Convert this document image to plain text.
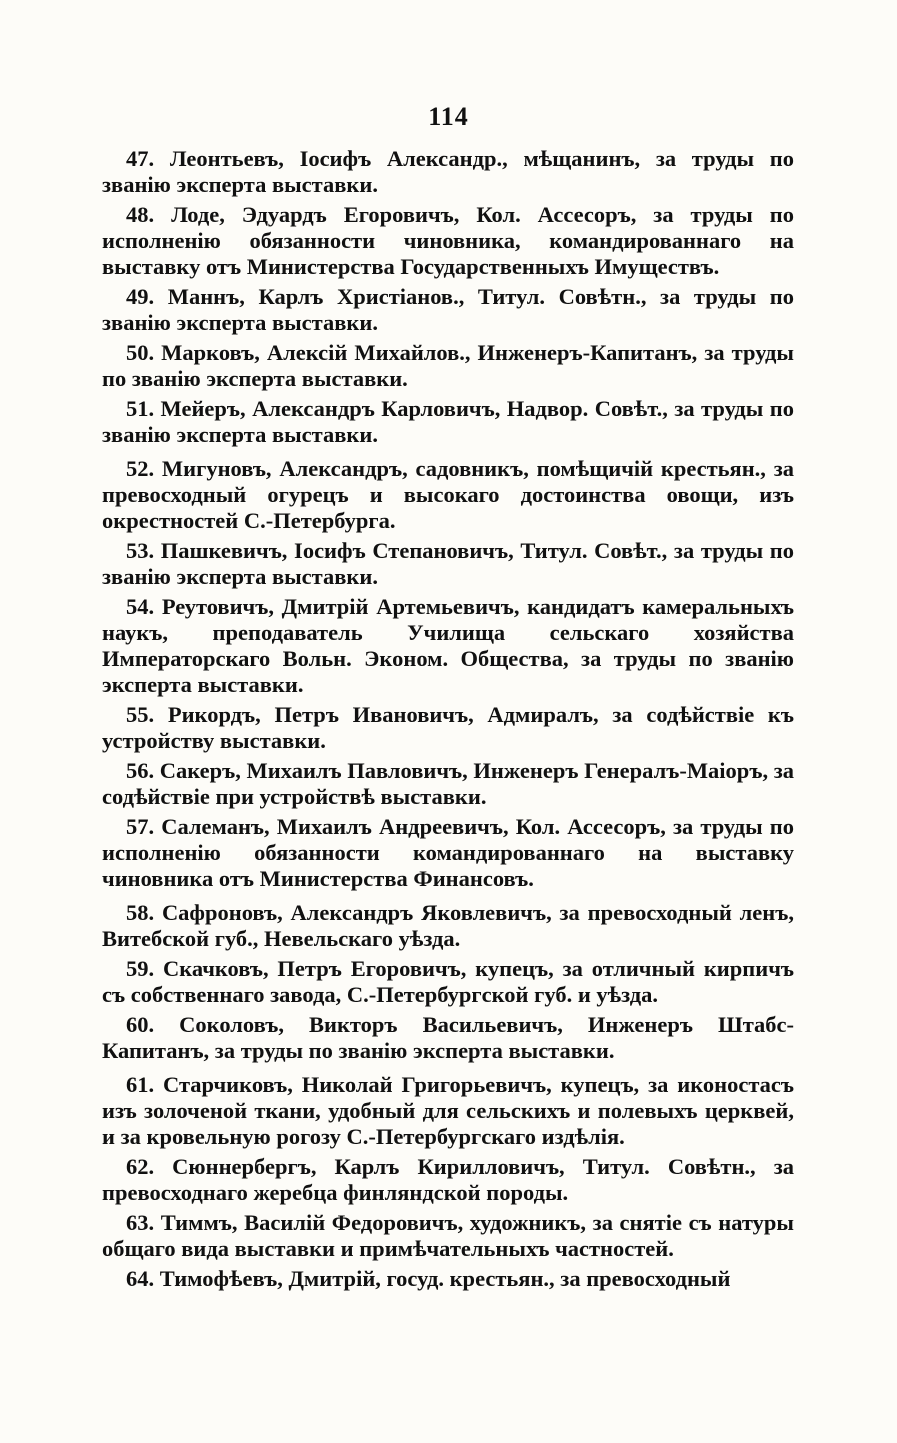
114

47. Леонтьевъ, Іосифъ Александр., мѣщанинъ, за труды по званію эксперта выставки.

48. Лоде, Эдуардъ Егоровичъ, Кол. Ассесоръ, за труды по исполненію обязанности чиновника, командированнаго на выставку отъ Министерства Государственныхъ Имуществъ.

49. Маннъ, Карлъ Христіанов., Титул. Совѣтн., за труды по званію эксперта выставки.

50. Марковъ, Алексій Михайлов., Инженеръ-Капитанъ, за труды по званію эксперта выставки.

51. Мейеръ, Александръ Карловичъ, Надвор. Совѣт., за труды по званію эксперта выставки.

52. Мигуновъ, Александръ, садовникъ, помѣщичій крестьян., за превосходный огурецъ и высокаго достоинства овощи, изъ окрестностей С.-Петербурга.

53. Пашкевичъ, Іосифъ Степановичъ, Титул. Совѣт., за труды по званію эксперта выставки.

54. Реутовичъ, Дмитрій Артемьевичъ, кандидатъ камеральныхъ наукъ, преподаватель Училища сельскаго хозяйства Императорскаго Вольн. Эконом. Общества, за труды по званію эксперта выставки.

55. Рикордъ, Петръ Ивановичъ, Адмиралъ, за содѣйствіе къ устройству выставки.

56. Сакеръ, Михаилъ Павловичъ, Инженеръ Генералъ-Маіоръ, за содѣйствіе при устройствѣ выставки.

57. Салеманъ, Михаилъ Андреевичъ, Кол. Ассесоръ, за труды по исполненію обязанности командированнаго на выставку чиновника отъ Министерства Финансовъ.

58. Сафроновъ, Александръ Яковлевичъ, за превосходный ленъ, Витебской губ., Невельскаго уѣзда.

59. Скачковъ, Петръ Егоровичъ, купецъ, за отличный кирпичъ съ собственнаго завода, С.-Петербургской губ. и уѣзда.

60. Соколовъ, Викторъ Васильевичъ, Инженеръ Штабс-Капитанъ, за труды по званію эксперта выставки.

61. Старчиковъ, Николай Григорьевичъ, купецъ, за иконостасъ изъ золоченой ткани, удобный для сельскихъ и полевыхъ церквей, и за кровельную рогозу С.-Петербургскаго издѣлія.

62. Сюннербергъ, Карлъ Кирилловичъ, Титул. Совѣтн., за превосходнаго жеребца финляндской породы.

63. Тиммъ, Василій Федоровичъ, художникъ, за снятіе съ натуры общаго вида выставки и примѣчательныхъ частностей.

64. Тимофѣевъ, Дмитрій, госуд. крестьян., за превосходный
